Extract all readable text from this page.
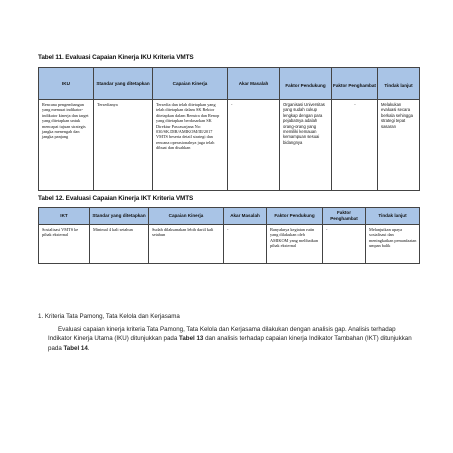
Tabel 11. Evaluasi Capaian Kinerja IKU Kriteria VMTS
IKU	Standar yang ditetapkan	Capaian Kinerja	Akar Masalah	Faktor Pendukung	Faktor Penghambat	Tindak lanjut
Rencana pengembangan yang memuat indikator-indikator kinerja dan target yang ditetapkan untuk mencapai tujuan strategis jangka menengah dan jangka panjang	Tersedianya	Tersedia dan telah ditetapkan yang telah ditetapkan dalam SK Rektor ditetapkan dalam Renstra dan Renop yang ditetapkan berdasarkan SK Direktur Pascasarjana No: 030/SK.DIR/AMIKOM/III/2017 VMTS beserta detail strategi dan rencana operasionalnya juga telah dibuat dan disahkan	-	Organisasi Universitas yang sudah cukup lengkap dengan para pejabatnya adalah orang-orang yang memiliki kemauan kemampuan sesuai bidangnya	-	Melakukan evaluasi secara berkala sehingga strategi tepat sasaran
Tabel 12. Evaluasi Capaian Kinerja IKT Kriteria VMTS
IKT	Standar yang ditetapkan	Capaian Kinerja	Akar Masalah	Faktor Pendukung	Faktor Penghambat	Tindak lanjut
Sosialisasi VMTS ke pihak eksternal	Minimal 4 kali setahun	Sudah dilaksanakan lebih dari4 kali setahun	-	Banyaknya kegiatan rutin yang dilakukan oleh AMIKOM yang melibatkan pihak eksternal	-	Melanjutkan upaya sosialisasi dan meningkatkan pemanfaatan umpan balik
1. Kriteria Tata Pamong, Tata Kelola dan Kerjasama
Evaluasi capaian kinerja kriteria Tata Pamong, Tata Kelola dan Kerjasama dilakukan dengan analisis gap. Analisis terhadap Indikator Kinerja Utama (IKU) ditunjukkan pada Tabel 13 dan analisis terhadap capaian kinerja Indikator Tambahan (IKT) ditunjukkan pada Tabel 14.
